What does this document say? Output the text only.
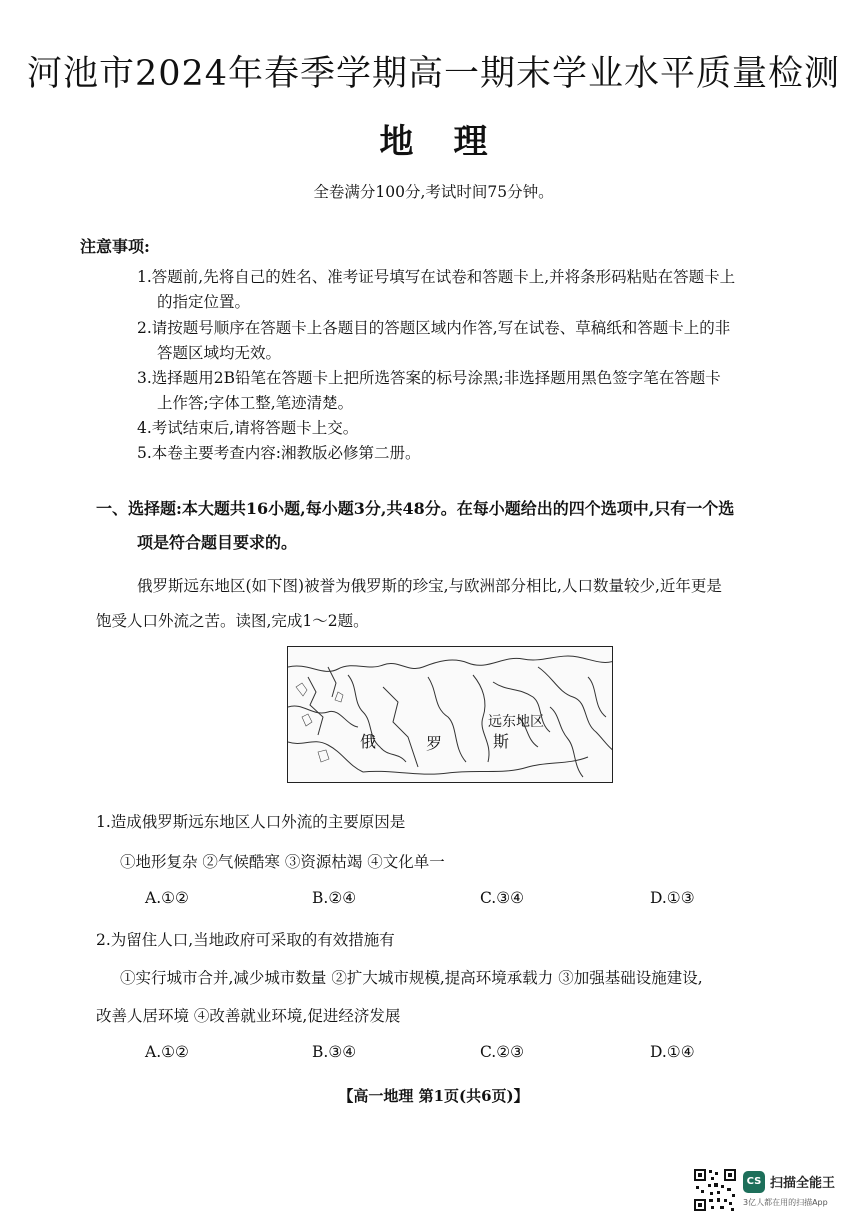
河池市2024年春季学期高一期末学业水平质量检测
地理
全卷满分100分,考试时间75分钟。
注意事项:
1.答题前,先将自己的姓名、准考证号填写在试卷和答题卡上,并将条形码粘贴在答题卡上
的指定位置。
2.请按题号顺序在答题卡上各题目的答题区域内作答,写在试卷、草稿纸和答题卡上的非
答题区域均无效。
3.选择题用2B铅笔在答题卡上把所选答案的标号涂黑;非选择题用黑色签字笔在答题卡
上作答;字体工整,笔迹清楚。
4.考试结束后,请将答题卡上交。
5.本卷主要考查内容:湘教版必修第二册。
一、选择题:本大题共16小题,每小题3分,共48分。在每小题给出的四个选项中,只有一个选
项是符合题目要求的。
俄罗斯远东地区(如下图)被誉为俄罗斯的珍宝,与欧洲部分相比,人口数量较少,近年更是
饱受人口外流之苦。读图,完成1～2题。
俄	罗	斯
远东地区
1.造成俄罗斯远东地区人口外流的主要原因是
①地形复杂 ②气候酷寒 ③资源枯竭 ④文化单一
A.①②	B.②④	C.③④	D.①③
2.为留住人口,当地政府可采取的有效措施有
①实行城市合并,减少城市数量 ②扩大城市规模,提高环境承载力 ③加强基础设施建设,
改善人居环境 ④改善就业环境,促进经济发展
A.①②	B.③④	C.②③	D.①④
【高一地理 第1页(共6页)】
CS 扫描全能王
3亿人都在用的扫描App
